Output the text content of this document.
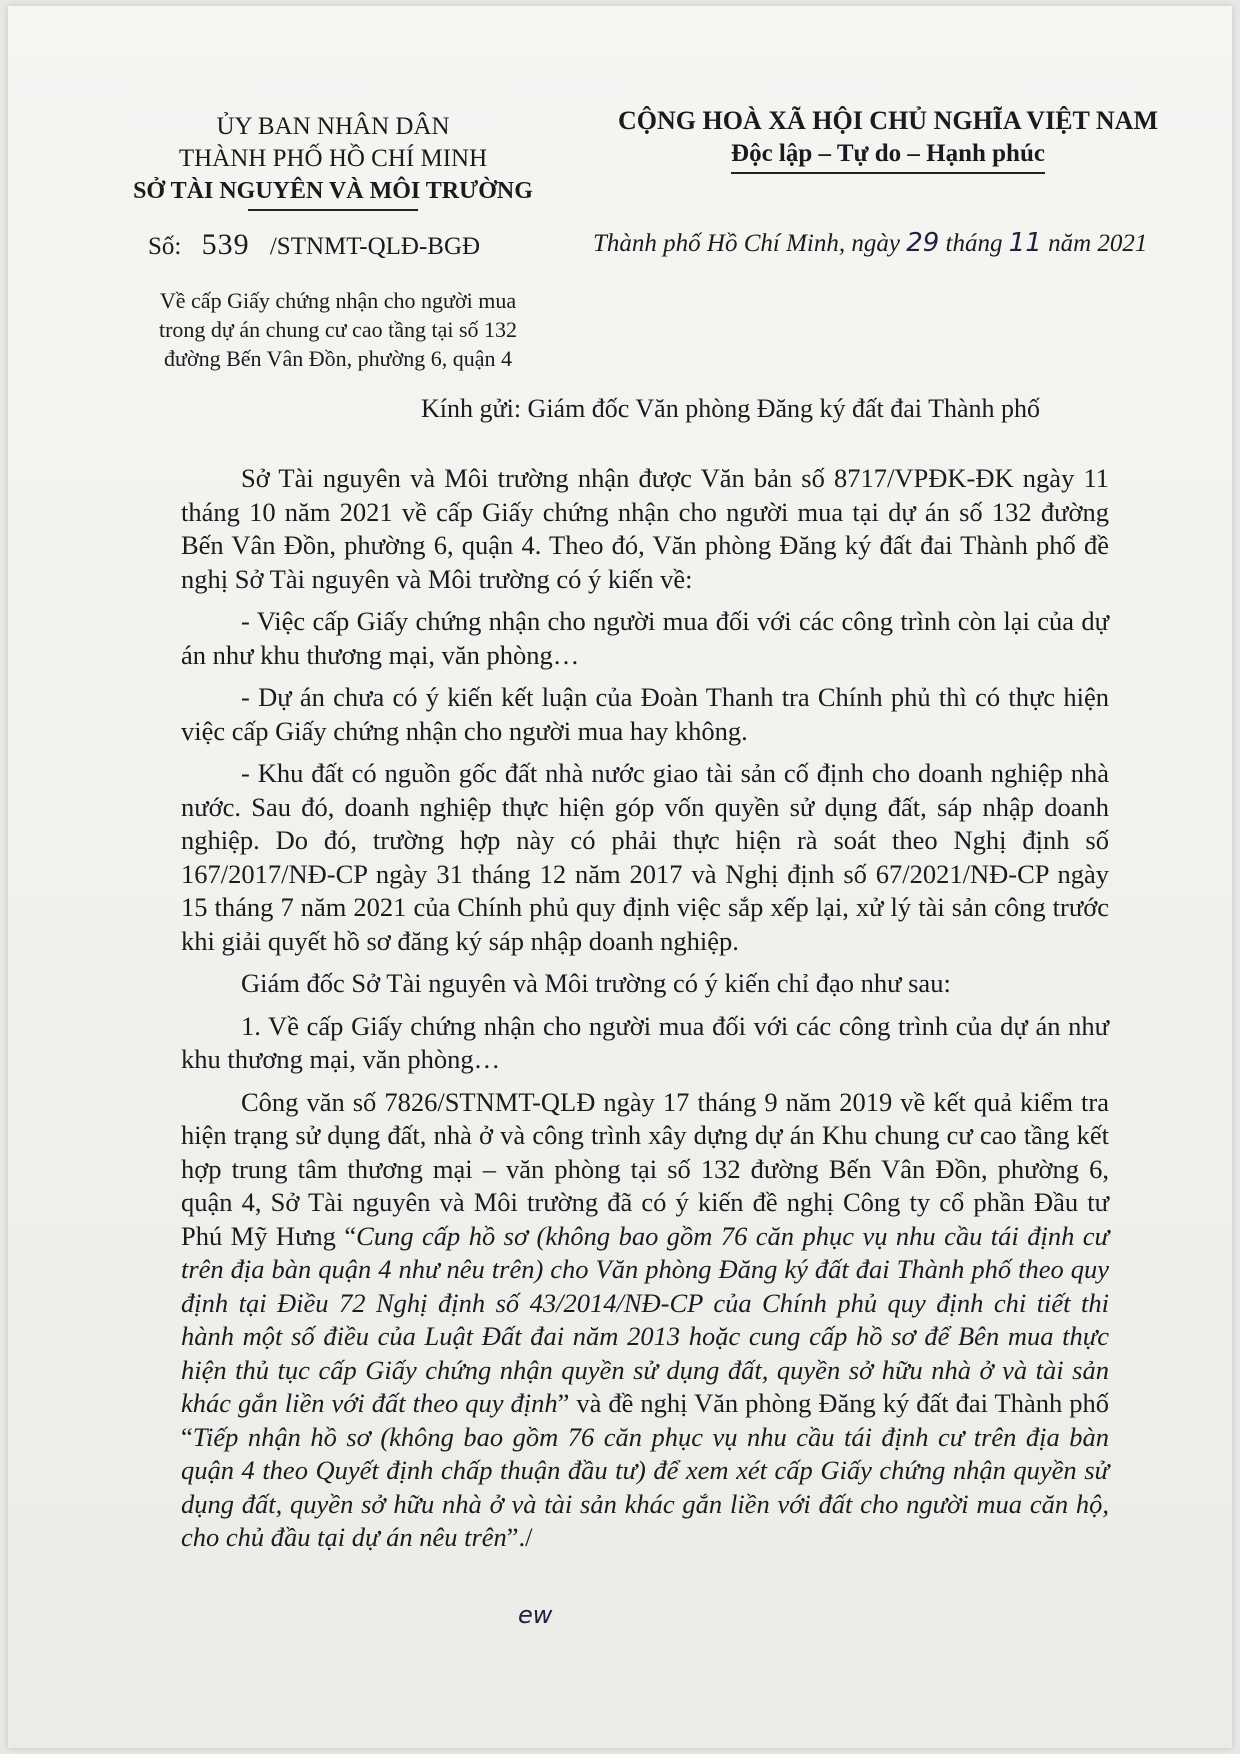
ỦY BAN NHÂN DÂN
THÀNH PHỐ HỒ CHÍ MINH
SỞ TÀI NGUYÊN VÀ MÔI TRƯỜNG
CỘNG HOÀ XÃ HỘI CHỦ NGHĨA VIỆT NAM
Độc lập – Tự do – Hạnh phúc
Số: 539 /STNMT-QLĐ-BGĐ	Thành phố Hồ Chí Minh, ngày 29 tháng 11 năm 2021
Về cấp Giấy chứng nhận cho người mua
trong dự án chung cư cao tầng tại số 132
đường Bến Vân Đồn, phường 6, quận 4
Kính gửi: Giám đốc Văn phòng Đăng ký đất đai Thành phố

Sở Tài nguyên và Môi trường nhận được Văn bản số 8717/VPĐK-ĐK ngày 11 tháng 10 năm 2021 về cấp Giấy chứng nhận cho người mua tại dự án số 132 đường Bến Vân Đồn, phường 6, quận 4. Theo đó, Văn phòng Đăng ký đất đai Thành phố đề nghị Sở Tài nguyên và Môi trường có ý kiến về:

- Việc cấp Giấy chứng nhận cho người mua đối với các công trình còn lại của dự án như khu thương mại, văn phòng…

- Dự án chưa có ý kiến kết luận của Đoàn Thanh tra Chính phủ thì có thực hiện việc cấp Giấy chứng nhận cho người mua hay không.

- Khu đất có nguồn gốc đất nhà nước giao tài sản cố định cho doanh nghiệp nhà nước. Sau đó, doanh nghiệp thực hiện góp vốn quyền sử dụng đất, sáp nhập doanh nghiệp. Do đó, trường hợp này có phải thực hiện rà soát theo Nghị định số 167/2017/NĐ-CP ngày 31 tháng 12 năm 2017 và Nghị định số 67/2021/NĐ-CP ngày 15 tháng 7 năm 2021 của Chính phủ quy định việc sắp xếp lại, xử lý tài sản công trước khi giải quyết hồ sơ đăng ký sáp nhập doanh nghiệp.

Giám đốc Sở Tài nguyên và Môi trường có ý kiến chỉ đạo như sau:

1. Về cấp Giấy chứng nhận cho người mua đối với các công trình của dự án như khu thương mại, văn phòng…

Công văn số 7826/STNMT-QLĐ ngày 17 tháng 9 năm 2019 về kết quả kiểm tra hiện trạng sử dụng đất, nhà ở và công trình xây dựng dự án Khu chung cư cao tầng kết hợp trung tâm thương mại – văn phòng tại số 132 đường Bến Vân Đồn, phường 6, quận 4, Sở Tài nguyên và Môi trường đã có ý kiến đề nghị Công ty cổ phần Đầu tư Phú Mỹ Hưng “Cung cấp hồ sơ (không bao gồm 76 căn phục vụ nhu cầu tái định cư trên địa bàn quận 4 như nêu trên) cho Văn phòng Đăng ký đất đai Thành phố theo quy định tại Điều 72 Nghị định số 43/2014/NĐ-CP của Chính phủ quy định chi tiết thi hành một số điều của Luật Đất đai năm 2013 hoặc cung cấp hồ sơ để Bên mua thực hiện thủ tục cấp Giấy chứng nhận quyền sử dụng đất, quyền sở hữu nhà ở và tài sản khác gắn liền với đất theo quy định” và đề nghị Văn phòng Đăng ký đất đai Thành phố “Tiếp nhận hồ sơ (không bao gồm 76 căn phục vụ nhu cầu tái định cư trên địa bàn quận 4 theo Quyết định chấp thuận đầu tư) để xem xét cấp Giấy chứng nhận quyền sử dụng đất, quyền sở hữu nhà ở và tài sản khác gắn liền với đất cho người mua căn hộ, cho chủ đầu tại dự án nêu trên”./

ew
